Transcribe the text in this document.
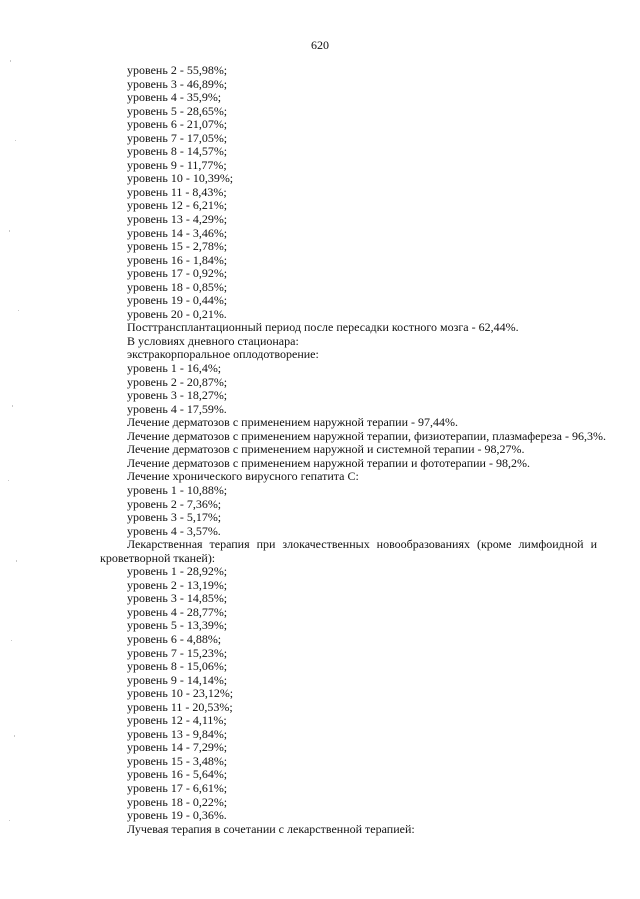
620
уровень 2 - 55,98%;
уровень 3 - 46,89%;
уровень 4 - 35,9%;
уровень 5 - 28,65%;
уровень 6 - 21,07%;
уровень 7 - 17,05%;
уровень 8 - 14,57%;
уровень 9 - 11,77%;
уровень 10 - 10,39%;
уровень 11 - 8,43%;
уровень 12 - 6,21%;
уровень 13 - 4,29%;
уровень 14 - 3,46%;
уровень 15 - 2,78%;
уровень 16 - 1,84%;
уровень 17 - 0,92%;
уровень 18 - 0,85%;
уровень 19 - 0,44%;
уровень 20 - 0,21%.
Посттрансплантационный период после пересадки костного мозга - 62,44%.
В условиях дневного стационара:
экстракорпоральное оплодотворение:
уровень 1 - 16,4%;
уровень 2 - 20,87%;
уровень 3 - 18,27%;
уровень 4 - 17,59%.
Лечение дерматозов с применением наружной терапии - 97,44%.
Лечение дерматозов с применением наружной терапии, физиотерапии, плазмафереза - 96,3%.
Лечение дерматозов с применением наружной и системной терапии - 98,27%.
Лечение дерматозов с применением наружной терапии и фототерапии - 98,2%.
Лечение хронического вирусного гепатита С:
уровень 1 - 10,88%;
уровень 2 - 7,36%;
уровень 3 - 5,17%;
уровень 4 - 3,57%.
Лекарственная терапия при злокачественных новообразованиях (кроме лимфоидной и кроветворной тканей):
уровень 1 - 28,92%;
уровень 2 - 13,19%;
уровень 3 - 14,85%;
уровень 4 - 28,77%;
уровень 5 - 13,39%;
уровень 6 - 4,88%;
уровень 7 - 15,23%;
уровень 8 - 15,06%;
уровень 9 - 14,14%;
уровень 10 - 23,12%;
уровень 11 - 20,53%;
уровень 12 - 4,11%;
уровень 13 - 9,84%;
уровень 14 - 7,29%;
уровень 15 - 3,48%;
уровень 16 - 5,64%;
уровень 17 - 6,61%;
уровень 18 - 0,22%;
уровень 19 - 0,36%.
Лучевая терапия в сочетании с лекарственной терапией:
